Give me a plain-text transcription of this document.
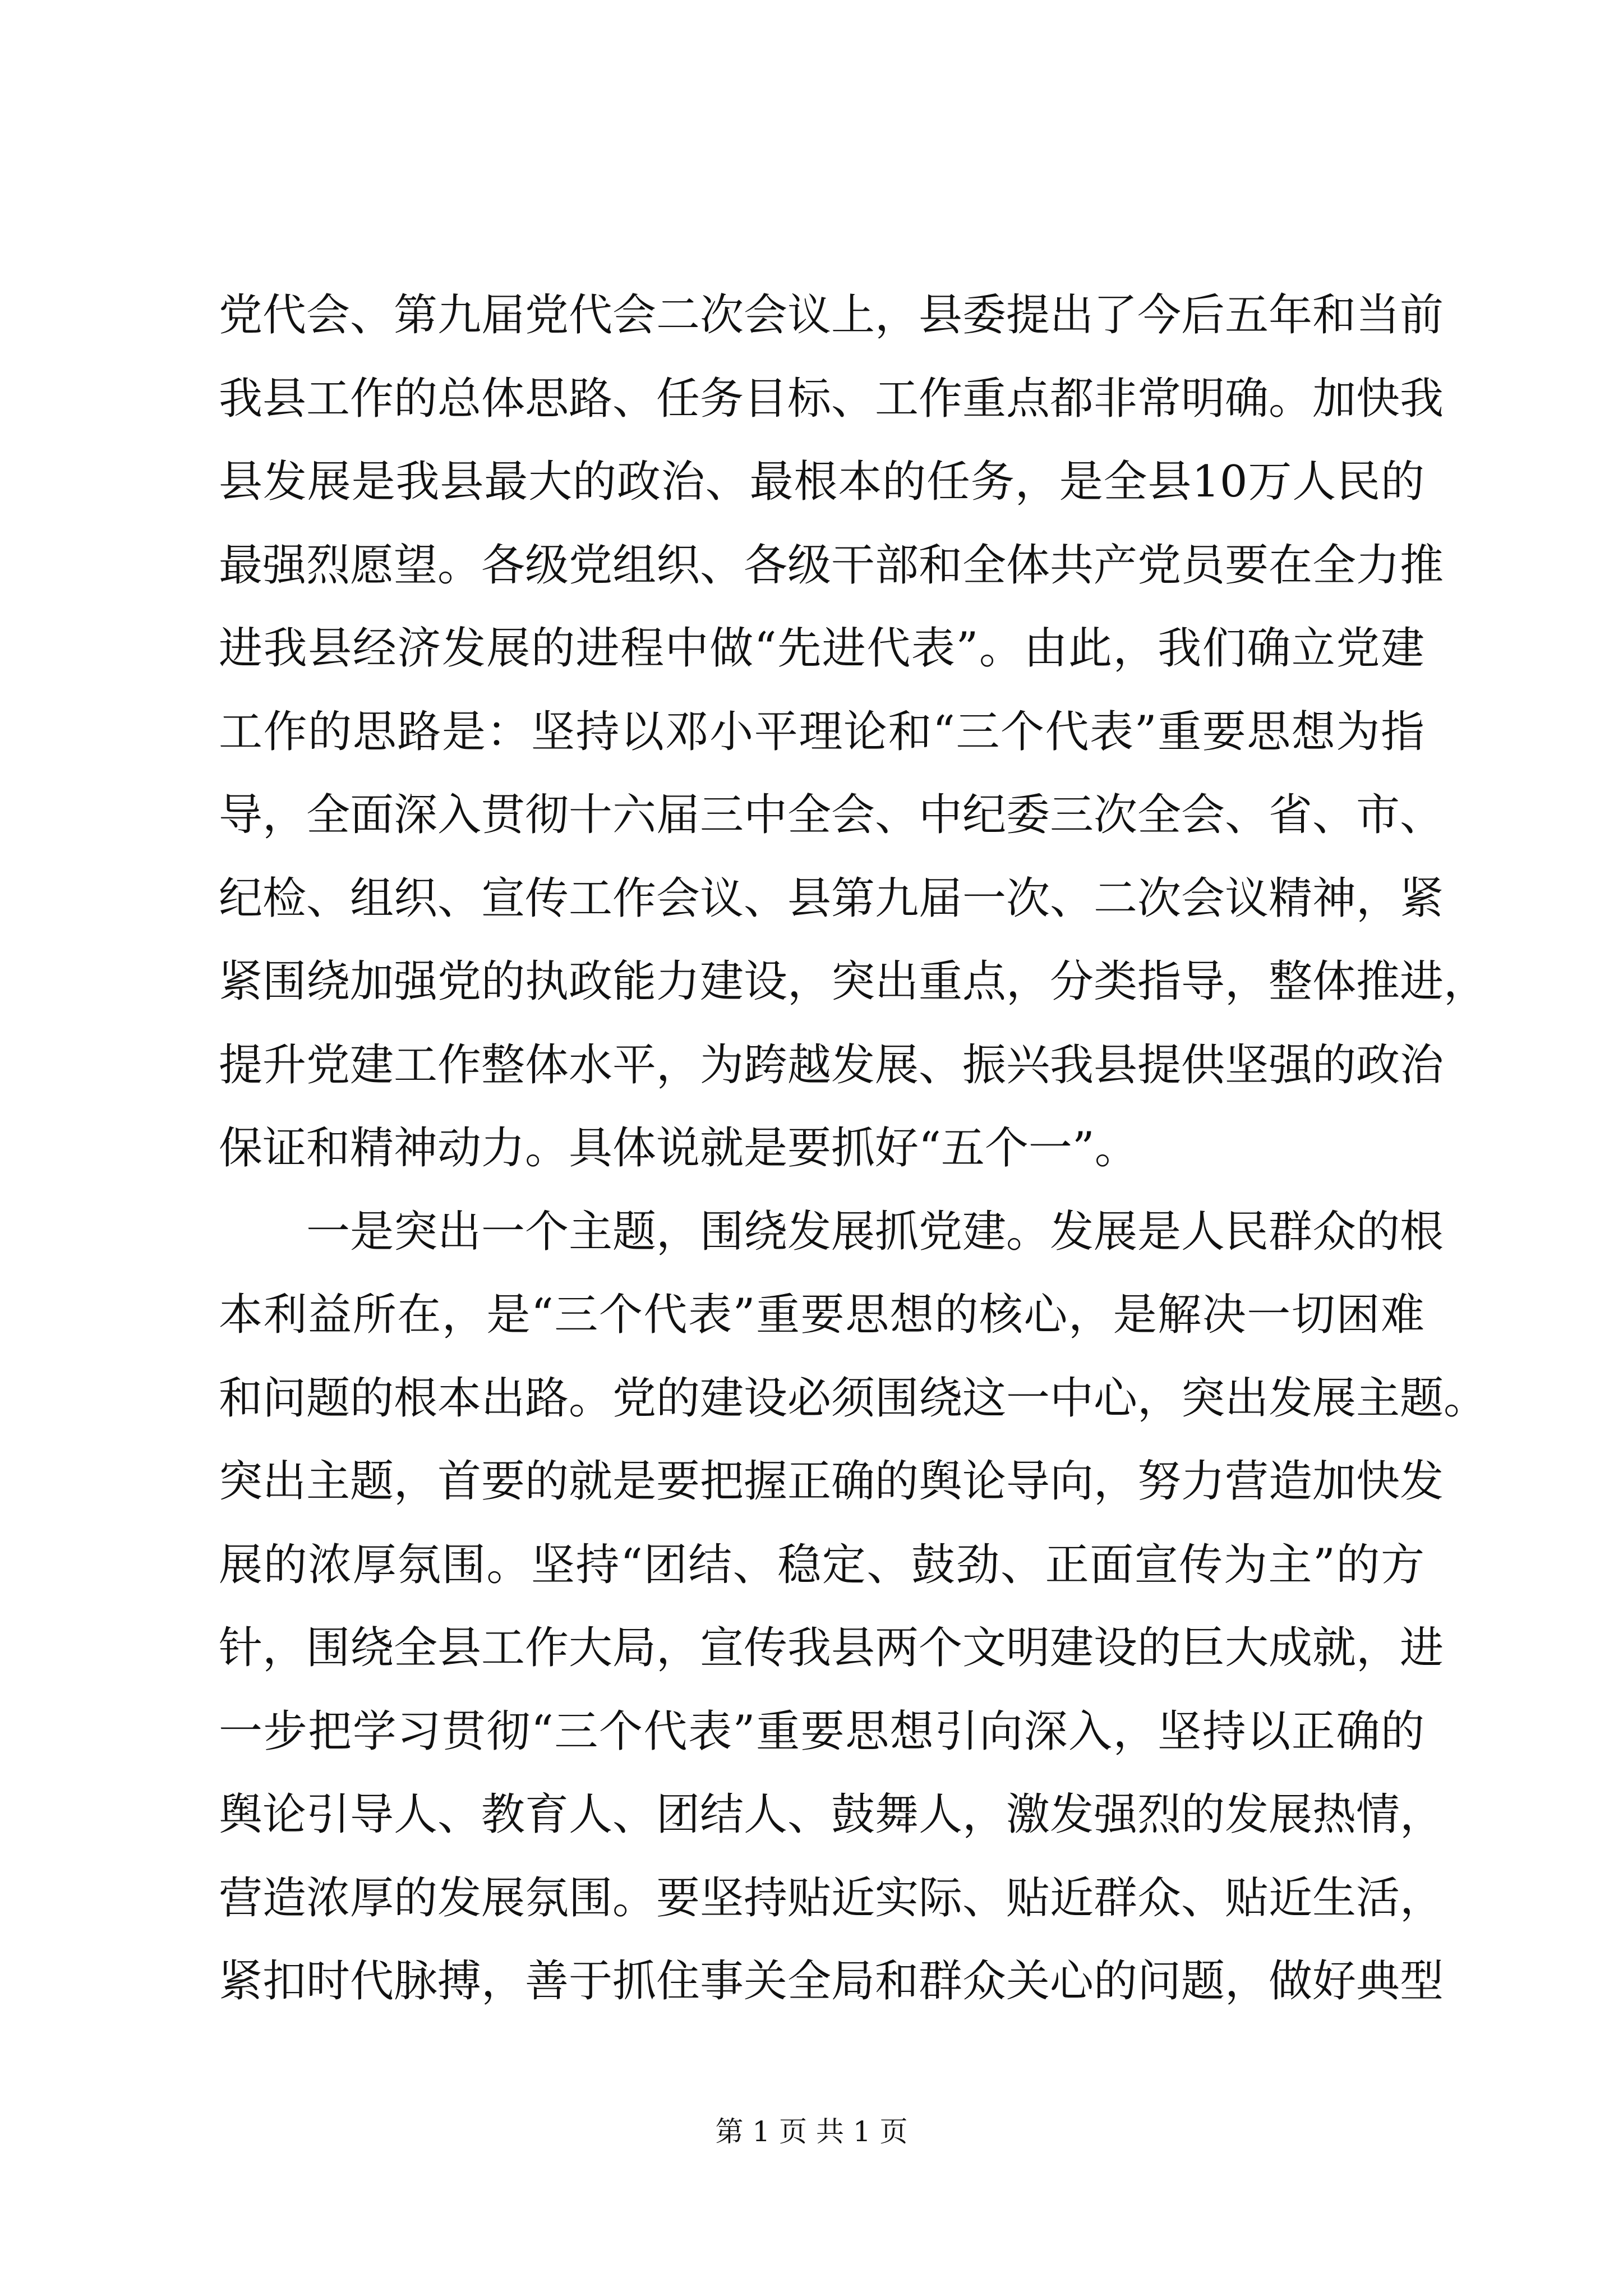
党代会、第九届党代会二次会议上，县委提出了今后五年和当前
我县工作的总体思路、任务目标、工作重点都非常明确。加快我
县发展是我县最大的政治、最根本的任务，是全县10万人民的
最强烈愿望。各级党组织、各级干部和全体共产党员要在全力推
进我县经济发展的进程中做“先进代表”。由此，我们确立党建
工作的思路是：坚持以邓小平理论和“三个代表”重要思想为指
导，全面深入贯彻十六届三中全会、中纪委三次全会、省、市、
纪检、组织、宣传工作会议、县第九届一次、二次会议精神，紧
紧围绕加强党的执政能力建设，突出重点，分类指导，整体推进，
提升党建工作整体水平，为跨越发展、振兴我县提供坚强的政治
保证和精神动力。具体说就是要抓好“五个一”。
一是突出一个主题，围绕发展抓党建。发展是人民群众的根
本利益所在，是“三个代表”重要思想的核心，是解决一切困难
和问题的根本出路。党的建设必须围绕这一中心，突出发展主题。
突出主题，首要的就是要把握正确的舆论导向，努力营造加快发
展的浓厚氛围。坚持“团结、稳定、鼓劲、正面宣传为主”的方
针，围绕全县工作大局，宣传我县两个文明建设的巨大成就，进
一步把学习贯彻“三个代表”重要思想引向深入，坚持以正确的
舆论引导人、教育人、团结人、鼓舞人，激发强烈的发展热情，
营造浓厚的发展氛围。要坚持贴近实际、贴近群众、贴近生活，
紧扣时代脉搏，善于抓住事关全局和群众关心的问题，做好典型
第 1 页 共 1 页
